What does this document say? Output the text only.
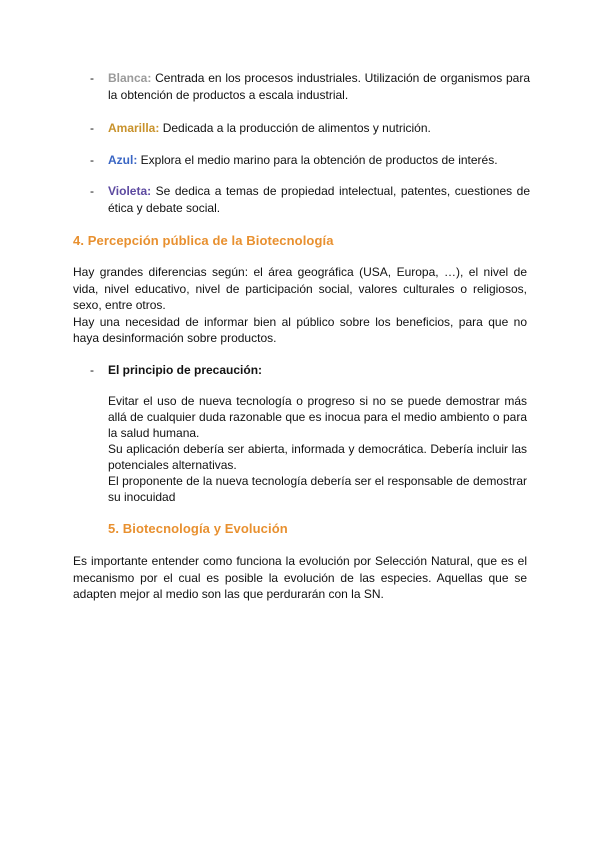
- Blanca: Centrada en los procesos industriales. Utilización de organismos para la obtención de productos a escala industrial.
- Amarilla: Dedicada a la producción de alimentos y nutrición.
- Azul: Explora el medio marino para la obtención de productos de interés.
- Violeta: Se dedica a temas de propiedad intelectual, patentes, cuestiones de ética y debate social.
4. Percepción pública de la Biotecnología

Hay grandes diferencias según: el área geográfica (USA, Europa, …), el nivel de vida, nivel educativo, nivel de participación social, valores culturales o religiosos, sexo, entre otros.

Hay una necesidad de informar bien al público sobre los beneficios, para que no haya desinformación sobre productos.

- El principio de precaución:

Evitar el uso de nueva tecnología o progreso si no se puede demostrar más allá de cualquier duda razonable que es inocua para el medio ambiento o para la salud humana.

Su aplicación debería ser abierta, informada y democrática. Debería incluir las potenciales alternativas.

El proponente de la nueva tecnología debería ser el responsable de demostrar su inocuidad

5. Biotecnología y Evolución

Es importante entender como funciona la evolución por Selección Natural, que es el mecanismo por el cual es posible la evolución de las especies. Aquellas que se adapten mejor al medio son las que perdurarán con la SN.
